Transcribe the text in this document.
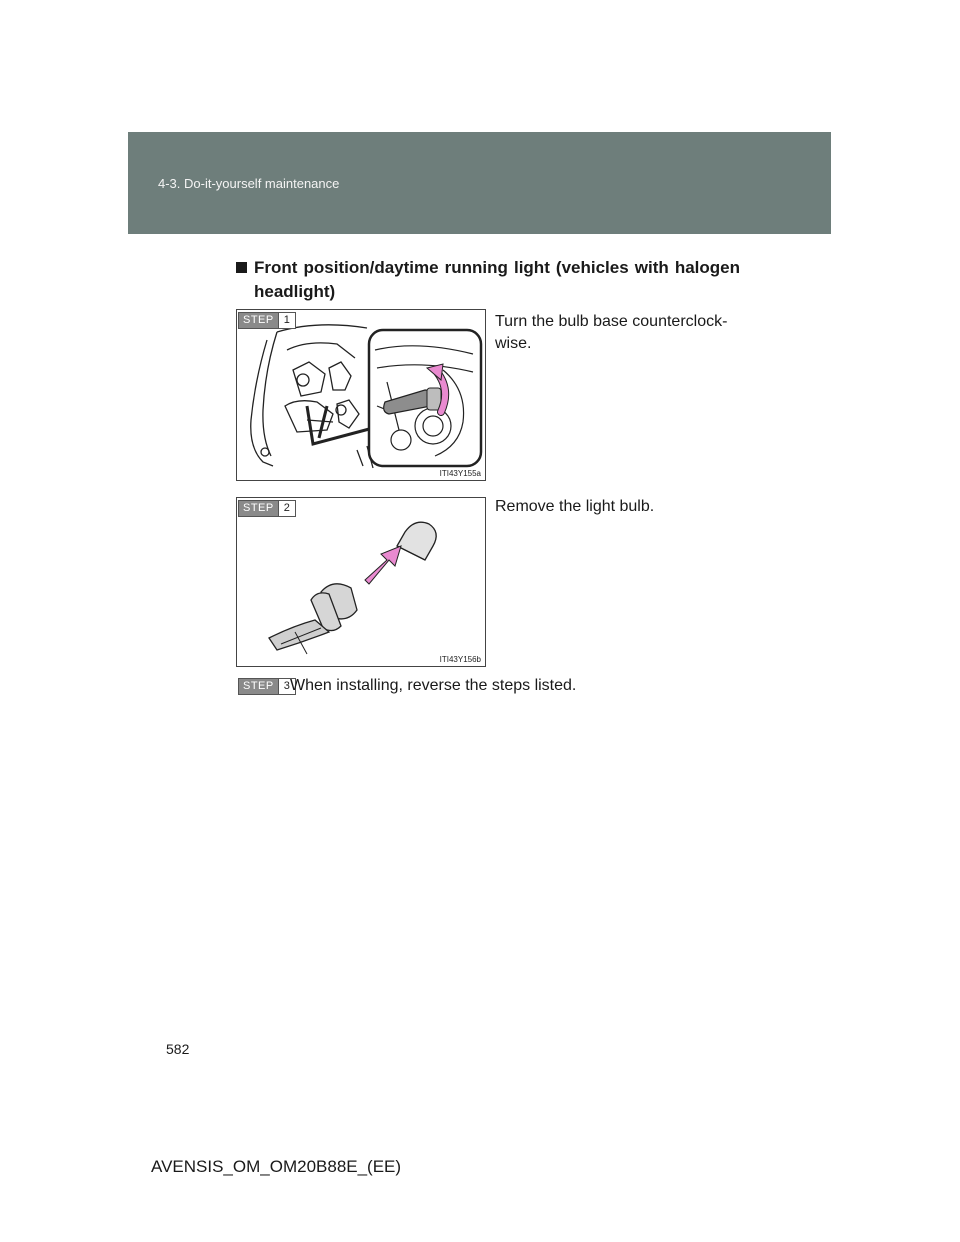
4-3. Do-it-yourself maintenance
Front position/daytime running light (vehicles with halogen headlight)
STEP 1
ITI43Y155a
Turn the bulb base counterclock-wise.
STEP 2
ITI43Y156b
Remove the light bulb.
STEP 3 When installing, reverse the steps listed.
582
AVENSIS_OM_OM20B88E_(EE)
